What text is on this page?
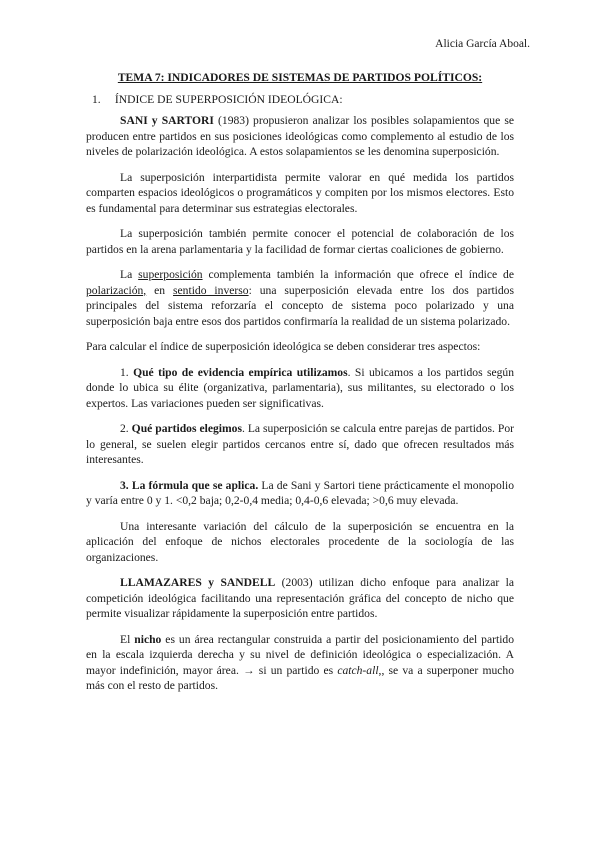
Alicia García Aboal.
TEMA 7: INDICADORES DE SISTEMAS DE PARTIDOS POLÍTICOS:
1. ÍNDICE DE SUPERPOSICIÓN IDEOLÓGICA:

SANI y SARTORI (1983) propusieron analizar los posibles solapamientos que se producen entre partidos en sus posiciones ideológicas como complemento al estudio de los niveles de polarización ideológica. A estos solapamientos se les denomina superposición.

La superposición interpartidista permite valorar en qué medida los partidos comparten espacios ideológicos o programáticos y compiten por los mismos electores. Esto es fundamental para determinar sus estrategias electorales.

La superposición también permite conocer el potencial de colaboración de los partidos en la arena parlamentaria y la facilidad de formar ciertas coaliciones de gobierno.

La superposición complementa también la información que ofrece el índice de polarización, en sentido inverso: una superposición elevada entre los dos partidos principales del sistema reforzaría el concepto de sistema poco polarizado y una superposición baja entre esos dos partidos confirmaría la realidad de un sistema polarizado.

Para calcular el índice de superposición ideológica se deben considerar tres aspectos:

1. Qué tipo de evidencia empírica utilizamos. Si ubicamos a los partidos según donde lo ubica su élite (organizativa, parlamentaria), sus militantes, su electorado o los expertos. Las variaciones pueden ser significativas.

2. Qué partidos elegimos. La superposición se calcula entre parejas de partidos. Por lo general, se suelen elegir partidos cercanos entre sí, dado que ofrecen resultados más interesantes.

3. La fórmula que se aplica. La de Sani y Sartori tiene prácticamente el monopolio y varía entre 0 y 1. <0,2 baja; 0,2-0,4 media; 0,4-0,6 elevada; >0,6 muy elevada.

Una interesante variación del cálculo de la superposición se encuentra en la aplicación del enfoque de nichos electorales procedente de la sociología de las organizaciones.

LLAMAZARES y SANDELL (2003) utilizan dicho enfoque para analizar la competición ideológica facilitando una representación gráfica del concepto de nicho que permite visualizar rápidamente la superposición entre partidos.

El nicho es un área rectangular construida a partir del posicionamiento del partido en la escala izquierda derecha y su nivel de definición ideológica o especialización. A mayor indefinición, mayor área. → si un partido es catch-all,, se va a superponer mucho más con el resto de partidos.
